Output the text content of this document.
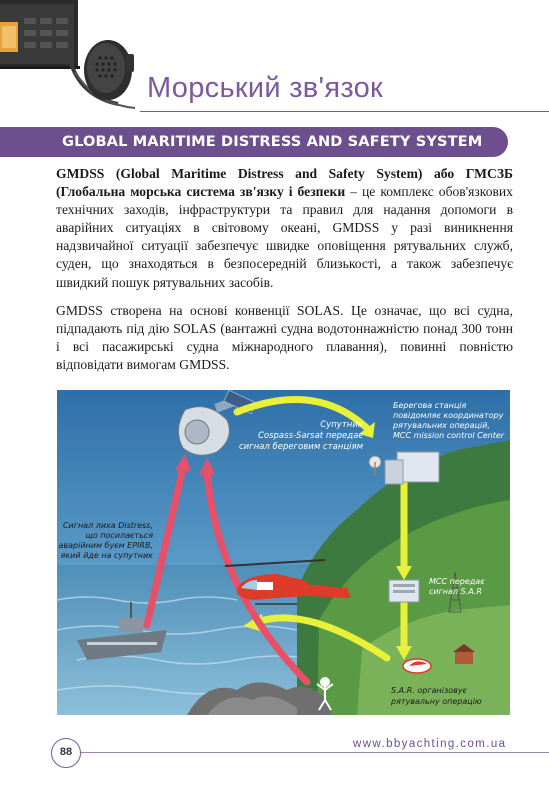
Морський зв'язок
GLOBAL MARITIME DISTRESS AND SAFETY SYSTEM
GMDSS (Global Maritime Distress and Safety System) або ГМСЗБ (Глобальна морська система зв'язку і безпеки – це комплекс обов'язкових технічних заходів, інфраструктури та правил для надання допомоги в аварійних ситуаціях в світовому океані, GMDSS у разі виникнення надзвичайної ситуації забезпечує швидке оповіщення рятувальних служб, суден, що знаходяться в безпосередній близькості, а також забезпечує швидкий пошук рятувальних засобів.
GMDSS створена на основі конвенції SOLAS. Це означає, що всі судна, підпадають під дію SOLAS (вантажні судна водотоннажністю понад 300 тонн і всі пасажирські судна міжнародного плавання), повинні повністю відповідати вимогам GMDSS.
Супутник
Cospass-Sarsat передає
сигнал береговим станціям
Берегова станція
повідомляє координатору
рятувальних операцій,
MCC mission control Center
Сигнал лиха Distress,
що посилається
аварійним буєм EPIRB,
який йде на супутник
MCC передає
сигнал S.A.R
S.A.R. організовує
рятувальну операцію
88
www.bbyachting.com.ua
